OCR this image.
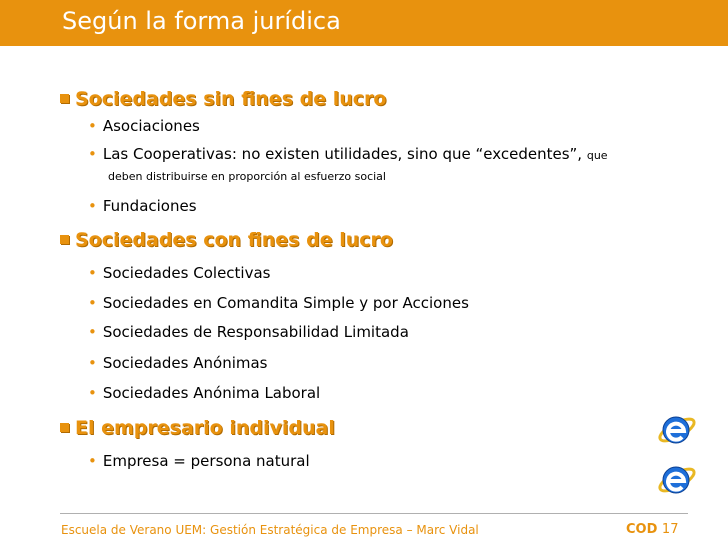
Según la forma jurídica
Sociedades sin fines de lucro
• Asociaciones
• Las Cooperativas: no existen utilidades, sino que “excedentes”, que
deben distribuirse en proporción al esfuerzo social
• Fundaciones
Sociedades con fines de lucro
• Sociedades Colectivas
• Sociedades en Comandita Simple y por Acciones
• Sociedades de Responsabilidad Limitada
• Sociedades Anónimas
• Sociedades Anónima Laboral
El empresario individual
• Empresa = persona natural
Escuela de Verano UEM: Gestión Estratégica de Empresa – Marc Vidal	COD 17
